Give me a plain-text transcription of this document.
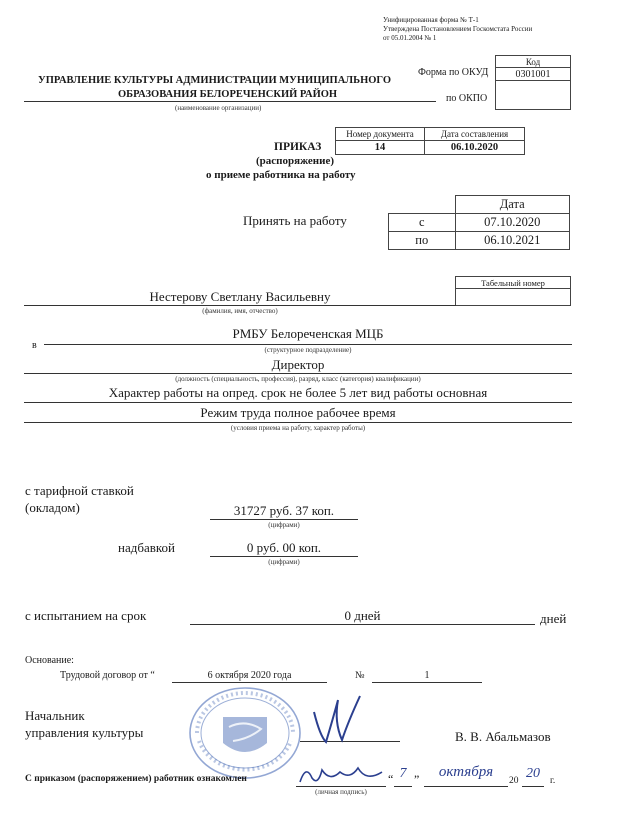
Унифицированная форма № Т-1
Утверждена Постановлением Госкомстата России
от 05.01.2004 № 1
Код
0301001

Форма по ОКУД
по ОКПО
УПРАВЛЕНИЕ КУЛЬТУРЫ АДМИНИСТРАЦИИ МУНИЦИПАЛЬНОГО
ОБРАЗОВАНИЯ БЕЛОРЕЧЕНСКИЙ РАЙОН
(наименование организации)
Номер документа	Дата составления
14	06.10.2020
ПРИКАЗ
(распоряжение)
о приеме работника на работу
Принять на работу
	Дата
с	07.10.2020
по	06.10.2021
Табельный номер

Нестерову Светлану Васильевну
(фамилия, имя, отчество)
в
РМБУ Белореченская МЦБ
(структурное подразделение)
Директор
(должность (специальность, профессия), разряд, класс (категория) квалификации)
Характер работы на опред. срок не более 5 лет вид работы основная
Режим труда полное рабочее время
(условия приема на работу, характер работы)
с тарифной ставкой
(окладом)	31727 руб. 37 коп.
(цифрами)
надбавкой	0 руб. 00 коп.
(цифрами)
с испытанием на срок	0 дней	дней
Основание:
Трудовой договор от “	6 октября 2020 года	№	1
Начальник
управления культуры	В. В. Абальмазов
С приказом (распоряжением) работник ознакомлен
(личная подпись)
“ 7 ”	октября
20 20	г.
